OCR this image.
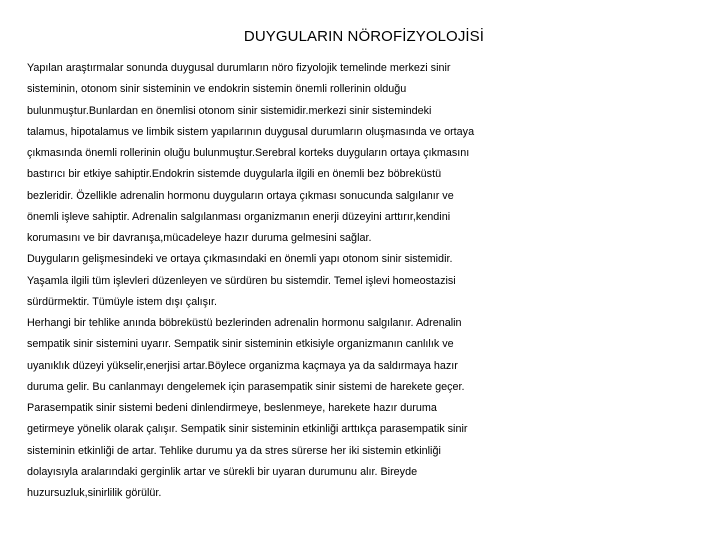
DUYGULARIN NÖROFİZYOLOJİSİ
Yapılan araştırmalar sonunda duygusal durumların nöro fizyolojik temelinde merkezi sinir
sisteminin, otonom sinir sisteminin ve endokrin sistemin önemli rollerinin olduğu
bulunmuştur.Bunlardan en önemlisi otonom sinir sistemidir.merkezi sinir sistemindeki
talamus, hipotalamus ve limbik sistem yapılarının duygusal durumların oluşmasında ve ortaya
çıkmasında önemli rollerinin oluğu bulunmuştur.Serebral korteks duyguların ortaya çıkmasını
bastırıcı bir etkiye sahiptir.Endokrin sistemde duygularla ilgili en önemli bez böbreküstü
bezleridir. Özellikle adrenalin hormonu duyguların ortaya çıkması sonucunda salgılanır ve
önemli işleve sahiptir. Adrenalin salgılanması organizmanın enerji düzeyini arttırır,kendini
korumasını ve bir davranışa,mücadeleye hazır duruma gelmesini sağlar.
Duyguların gelişmesindeki ve ortaya çıkmasındaki en önemli yapı otonom sinir sistemidir.
Yaşamla ilgili tüm işlevleri düzenleyen ve sürdüren bu sistemdir. Temel işlevi homeostazisi
sürdürmektir. Tümüyle istem dışı çalışır.
Herhangi bir tehlike anında böbreküstü bezlerinden adrenalin hormonu salgılanır. Adrenalin
sempatik sinir sistemini uyarır. Sempatik sinir sisteminin etkisiyle organizmanın canlılık ve
uyanıklık düzeyi yükselir,enerjisi artar.Böylece organizma kaçmaya ya da saldırmaya hazır
duruma gelir. Bu canlanmayı dengelemek için parasempatik sinir sistemi de harekete geçer.
Parasempatik sinir sistemi bedeni dinlendirmeye, beslenmeye, harekete hazır duruma
getirmeye yönelik olarak çalışır. Sempatik sinir sisteminin etkinliği arttıkça parasempatik sinir
sisteminin etkinliği de artar. Tehlike durumu ya da stres sürerse her iki sistemin etkinliği
dolayısıyla aralarındaki gerginlik artar ve sürekli bir uyaran durumunu alır. Bireyde
huzursuzluk,sinirlilik görülür.
